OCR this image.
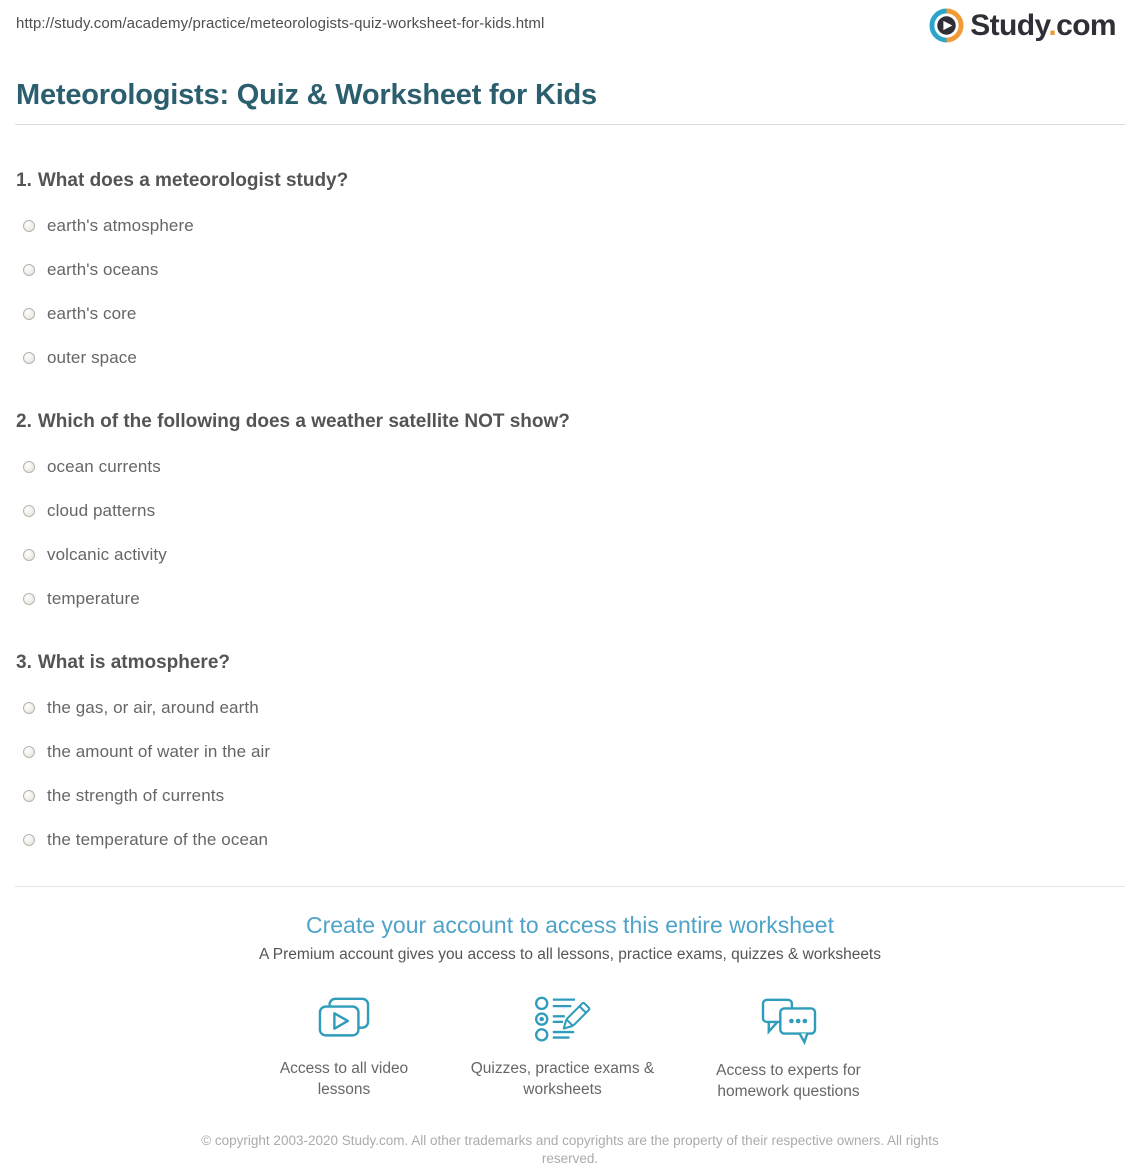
http://study.com/academy/practice/meteorologists-quiz-worksheet-for-kids.html	Study.com
Meteorologists: Quiz & Worksheet for Kids
1. What does a meteorologist study?
earth's atmosphere
earth's oceans
earth's core
outer space
2. Which of the following does a weather satellite NOT show?
ocean currents
cloud patterns
volcanic activity
temperature
3. What is atmosphere?
the gas, or air, around earth
the amount of water in the air
the strength of currents
the temperature of the ocean
Create your account to access this entire worksheet
A Premium account gives you access to all lessons, practice exams, quizzes & worksheets
Access to all video lessons
Quizzes, practice exams & worksheets
Access to experts for homework questions
© copyright 2003-2020 Study.com. All other trademarks and copyrights are the property of their respective owners. All rights reserved.
